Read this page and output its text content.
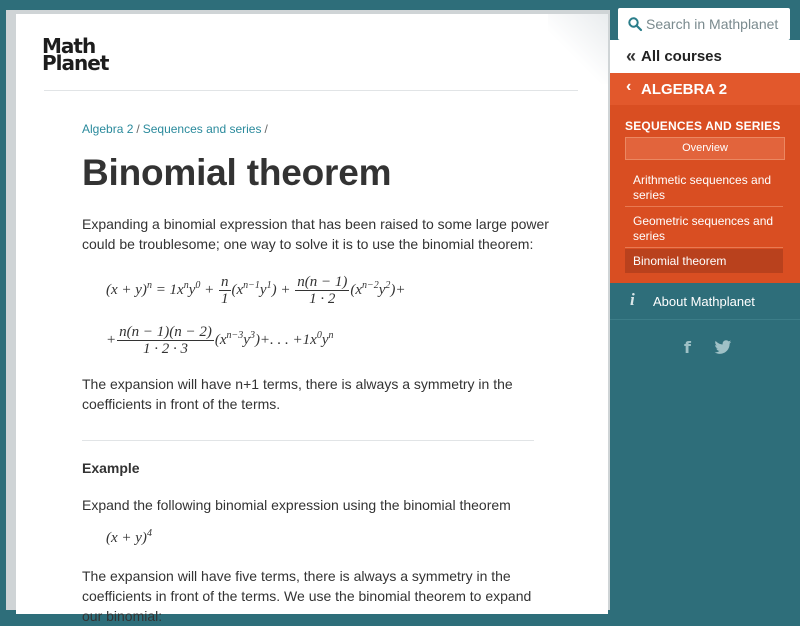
Math
Planet
Algebra 2 / Sequences and series /
Binomial theorem

Expanding a binomial expression that has been raised to some large power could be troublesome; one way to solve it is to use the binomial theorem:

$(x + y)^n = 1x^ny^0 + \frac{n}{1} (x^{n-1}y^1) + \frac{n(n - 1)}{1 \cdot 2} (x^{n-2}y^2)+$
+ $\frac{n(n - 1)(n - 2)}{1 \cdot 2 \cdot 3} (x^{n-3}y^3)+$. . . $+1x^0y^n$

The expansion will have n+1 terms, there is always a symmetry in the coefficients in front of the terms.

Example

Expand the following binomial expression using the binomial theorem

$(x + y)^4$

The expansion will have five terms, there is always a symmetry in the coefficients in front of the terms. We use the binomial theorem to expand our binomial:

Search in Mathplanet
« All courses
‹ ALGEBRA 2
SEQUENCES AND SERIES
Overview
Arithmetic sequences and series
Geometric sequences and series
Binomial theorem
i About Mathplanet
f
